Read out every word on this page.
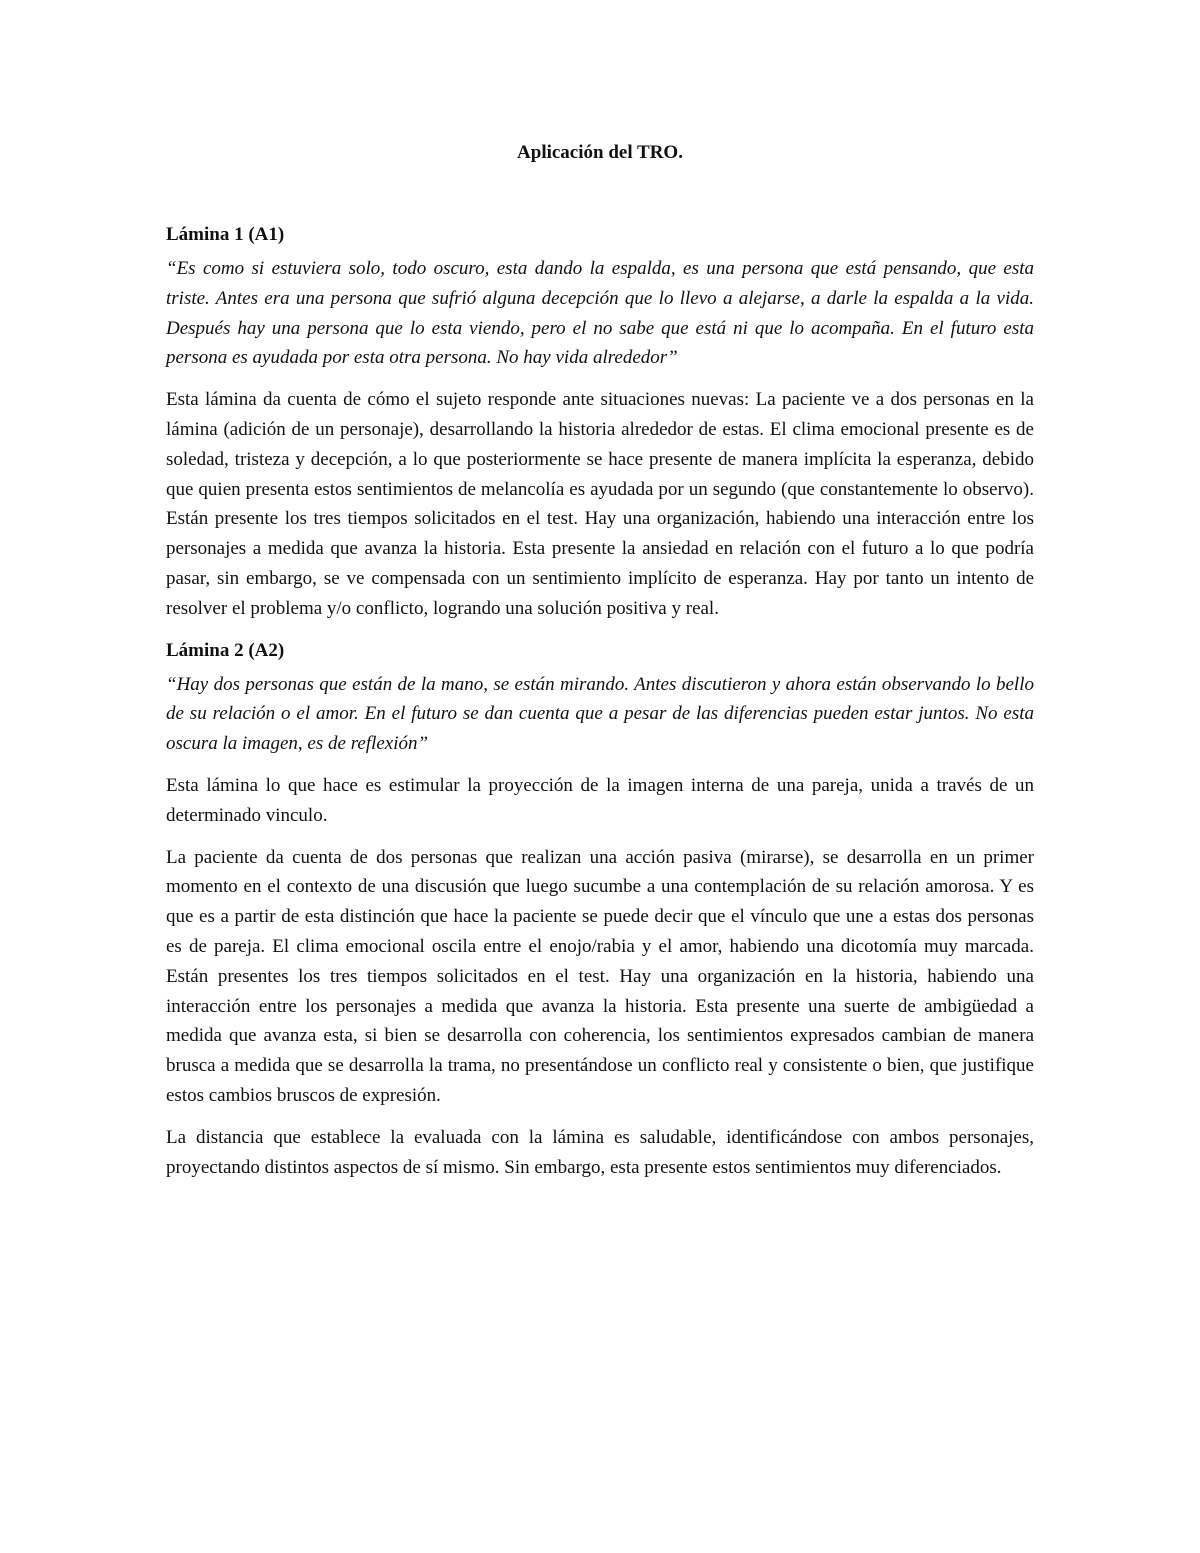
Aplicación del TRO.
Lámina 1 (A1)

“Es como si estuviera solo, todo oscuro, esta dando la espalda, es una persona que está pensando, que esta triste. Antes era una persona que sufrió alguna decepción que lo llevo a alejarse, a darle la espalda a la vida. Después hay una persona que lo esta viendo, pero el no sabe que está ni que lo acompaña. En el futuro esta persona es ayudada por esta otra persona. No hay vida alrededor”

Esta lámina da cuenta de cómo el sujeto responde ante situaciones nuevas: La paciente ve a dos personas en la lámina (adición de un personaje), desarrollando la historia alrededor de estas. El clima emocional presente es de soledad, tristeza y decepción, a lo que posteriormente se hace presente de manera implícita la esperanza, debido que quien presenta estos sentimientos de melancolía es ayudada por un segundo (que constantemente lo observo). Están presente los tres tiempos solicitados en el test. Hay una organización, habiendo una interacción entre los personajes a medida que avanza la historia. Esta presente la ansiedad en relación con el futuro a lo que podría pasar, sin embargo, se ve compensada con un sentimiento implícito de esperanza. Hay por tanto un intento de resolver el problema y/o conflicto, logrando una solución positiva y real.

Lámina 2 (A2)

“Hay dos personas que están de la mano, se están mirando. Antes discutieron y ahora están observando lo bello de su relación o el amor. En el futuro se dan cuenta que a pesar de las diferencias pueden estar juntos. No esta oscura la imagen, es de reflexión”

Esta lámina lo que hace es estimular la proyección de la imagen interna de una pareja, unida a través de un determinado vinculo.

La paciente da cuenta de dos personas que realizan una acción pasiva (mirarse), se desarrolla en un primer momento en el contexto de una discusión que luego sucumbe a una contemplación de su relación amorosa. Y es que es a partir de esta distinción que hace la paciente se puede decir que el vínculo que une a estas dos personas es de pareja. El clima emocional oscila entre el enojo/rabia y el amor, habiendo una dicotomía muy marcada. Están presentes los tres tiempos solicitados en el test. Hay una organización en la historia, habiendo una interacción entre los personajes a medida que avanza la historia. Esta presente una suerte de ambigüedad a medida que avanza esta, si bien se desarrolla con coherencia, los sentimientos expresados cambian de manera brusca a medida que se desarrolla la trama, no presentándose un conflicto real y consistente o bien, que justifique estos cambios bruscos de expresión.

La distancia que establece la evaluada con la lámina es saludable, identificándose con ambos personajes, proyectando distintos aspectos de sí mismo. Sin embargo, esta presente estos sentimientos muy diferenciados.
